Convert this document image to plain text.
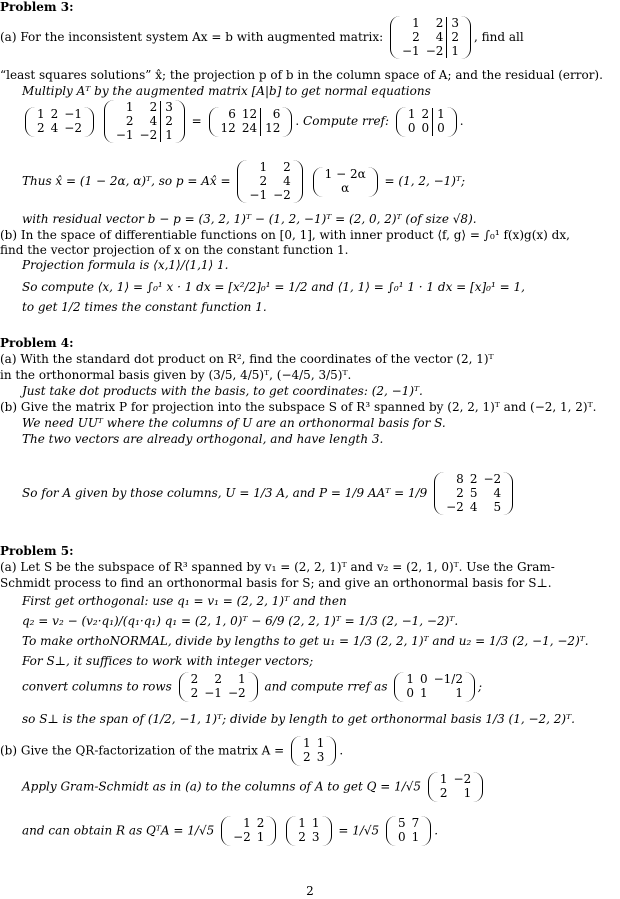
Problem 3:
(a) For the inconsistent system Ax = b with augmented matrix:
1	2	3
2	4	2
−1	−2	1
, find all
“least squares solutions” x̂; the projection p of b in the column space of A; and the residual (error).
Multiply Aᵀ by the augmented matrix [A|b] to get normal equations
1	2	−1
2	4	−2

1	2	3
2	4	2
−1	−2	1
=
6	12	6
12	24	12 . Compute rref:
1	2	1
0	0	0 .
Thus x̂ = (1 − 2α, α)ᵀ, so p = Ax̂ =
1	2
2	4
−1	−2

1 − 2α
α	= (1, 2, −1)ᵀ;
with residual vector b − p = (3, 2, 1)ᵀ − (1, 2, −1)ᵀ = (2, 0, 2)ᵀ (of size √8).
(b) In the space of differentiable functions on [0, 1], with inner product ⟨f, g⟩ = ∫₀¹ f(x)g(x) dx,
find the vector projection of x on the constant function 1.
Projection formula is ⟨x,1⟩/⟨1,1⟩ 1.
So compute ⟨x, 1⟩ = ∫₀¹ x · 1 dx = [x²/2]₀¹ = 1/2 and ⟨1, 1⟩ = ∫₀¹ 1 · 1 dx = [x]₀¹ = 1,
to get 1/2 times the constant function 1.
Problem 4:
(a) With the standard dot product on R², find the coordinates of the vector (2, 1)ᵀ
in the orthonormal basis given by (3/5, 4/5)ᵀ, (−4/5, 3/5)ᵀ.
Just take dot products with the basis, to get coordinates: (2, −1)ᵀ.
(b) Give the matrix P for projection into the subspace S of R³ spanned by (2, 2, 1)ᵀ and (−2, 1, 2)ᵀ.
We need UUᵀ where the columns of U are an orthonormal basis for S.
The two vectors are already orthogonal, and have length 3.
So for A given by those columns, U = 1/3 A, and P = 1/9 AAᵀ = 1/9
8	2	−2
2	5	4
−2	4	5
Problem 5:
(a) Let S be the subspace of R³ spanned by v₁ = (2, 2, 1)ᵀ and v₂ = (2, 1, 0)ᵀ. Use the Gram-
Schmidt process to find an orthonormal basis for S; and give an orthonormal basis for S⊥.
First get orthogonal: use q₁ = v₁ = (2, 2, 1)ᵀ and then
q₂ = v₂ − (v₂·q₁)/(q₁·q₁) q₁ = (2, 1, 0)ᵀ − 6/9 (2, 2, 1)ᵀ = 1/3 (2, −1, −2)ᵀ.
To make orthoNORMAL, divide by lengths to get u₁ = 1/3 (2, 2, 1)ᵀ and u₂ = 1/3 (2, −1, −2)ᵀ.
For S⊥, it suffices to work with integer vectors;
convert columns to rows
2	2	1
2	−1	−2 and compute rref as
1	0	−1/2
0	1	1 ;
so S⊥ is the span of (1/2, −1, 1)ᵀ; divide by length to get orthonormal basis 1/3 (1, −2, 2)ᵀ.
(b) Give the QR-factorization of the matrix A =
1	1
2	3 .
Apply Gram-Schmidt as in (a) to the columns of A to get Q = 1/√5
1	−2
2	1
and can obtain R as QᵀA = 1/√5
1	2
−2	1

1	1
2	3 = 1/√5
5	7
0	1 .
2
